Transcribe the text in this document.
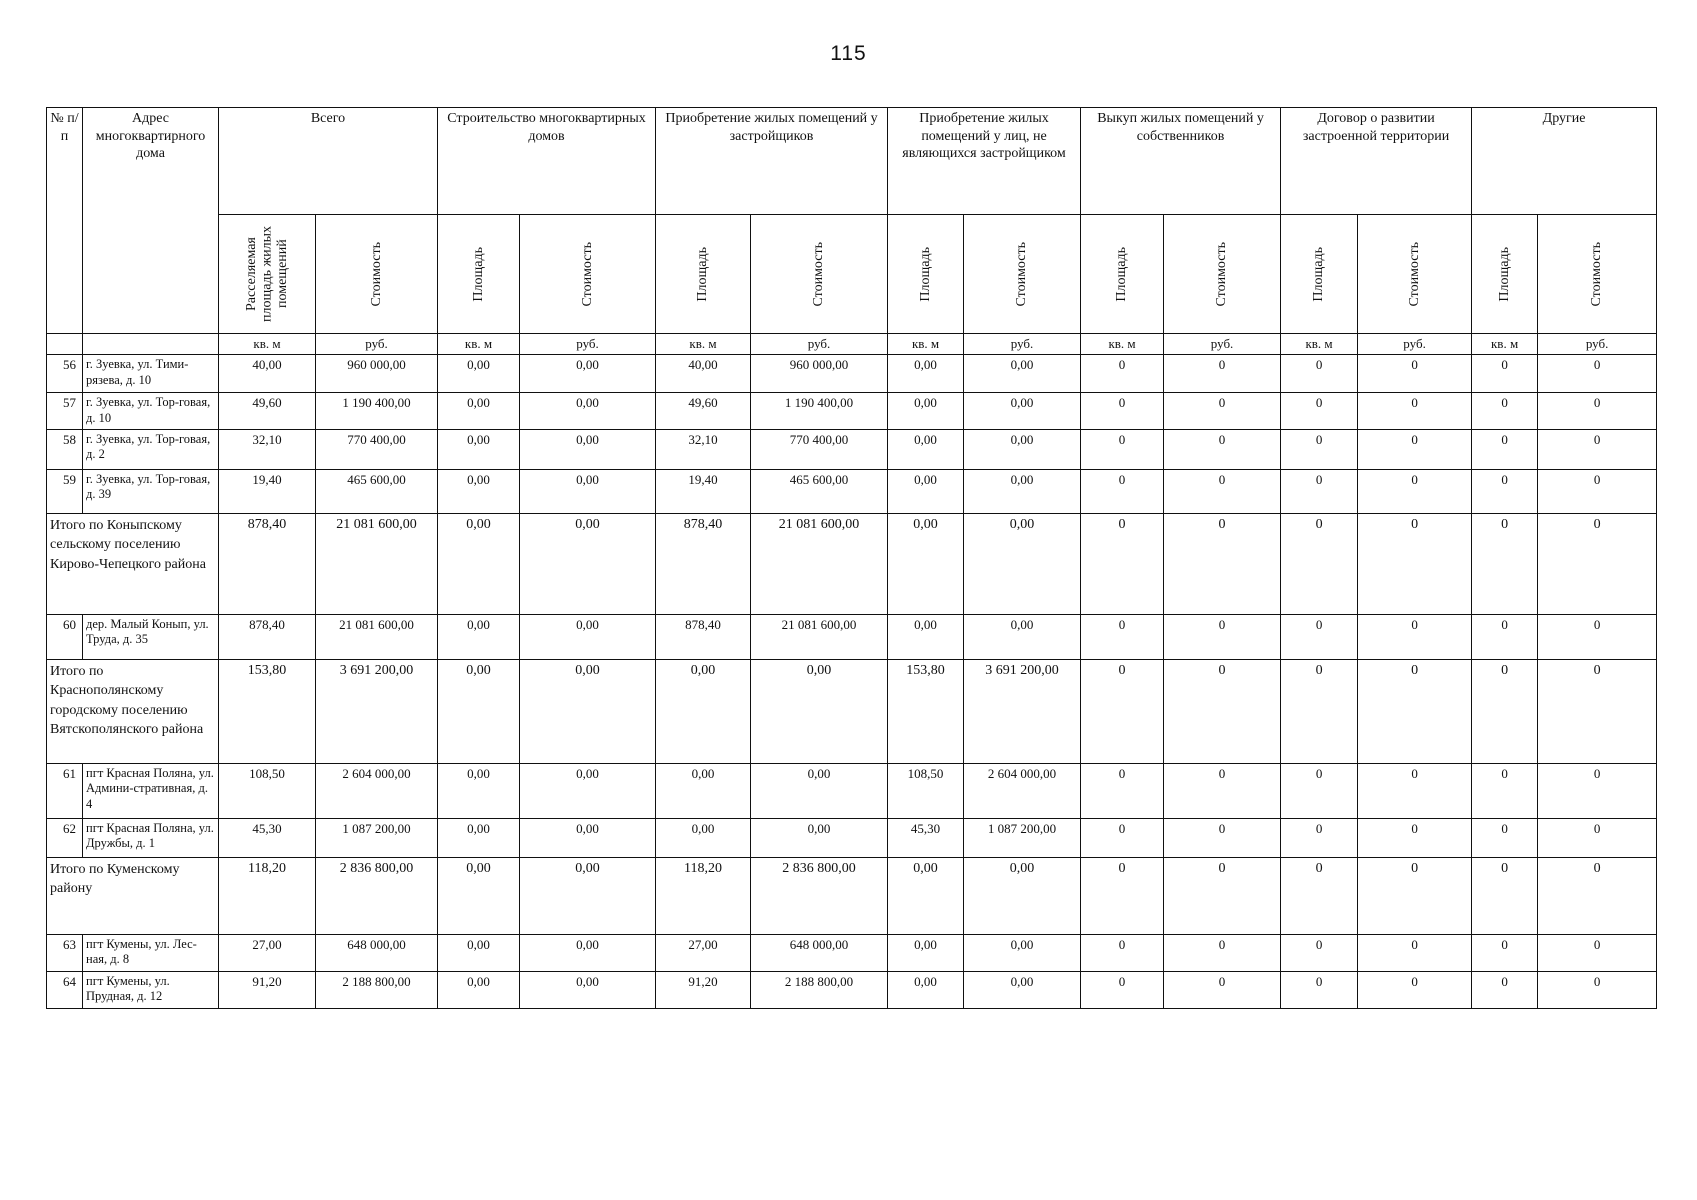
115
№ п/п	Адрес многоквартирного дома	Всего		Строительство многоквартирных домов		Приобретение жилых помещений у застройщиков		Приобретение жилых помещений у лиц, не являющихся застройщиком		Выкуп жилых помещений у собственников		Договор о развитии застроенной территории		Другие	

		Расселяемая площадь жилых помещений	Стоимость	Площадь	Стоимость	Площадь	Стоимость	Площадь	Стоимость	Площадь	Стоимость	Площадь	Стоимость	Площадь	Стоимость

		кв. м	руб.	кв. м	руб.	кв. м	руб.	кв. м	руб.	кв. м	руб.	кв. м	руб.	кв. м	руб.
56	г. Зуевка, ул. Тими-рязева, д. 10	40,00	960 000,00	0,00	0,00	40,00	960 000,00	0,00	0,00	0	0	0	0	0	0
57	г. Зуевка, ул. Тор-говая, д. 10	49,60	1 190 400,00	0,00	0,00	49,60	1 190 400,00	0,00	0,00	0	0	0	0	0	0
58	г. Зуевка, ул. Тор-говая, д. 2	32,10	770 400,00	0,00	0,00	32,10	770 400,00	0,00	0,00	0	0	0	0	0	0
59	г. Зуевка, ул. Тор-говая, д. 39	19,40	465 600,00	0,00	0,00	19,40	465 600,00	0,00	0,00	0	0	0	0	0	0
Итого по Коныпскому сельскому поселению Кирово-Чепецкого района		878,40	21 081 600,00	0,00	0,00	878,40	21 081 600,00	0,00	0,00	0	0	0	0	0	0
60	дер. Малый Конып, ул. Труда, д. 35	878,40	21 081 600,00	0,00	0,00	878,40	21 081 600,00	0,00	0,00	0	0	0	0	0	0
Итого по Краснополянскому городскому поселению Вятскополянского района		153,80	3 691 200,00	0,00	0,00	0,00	0,00	153,80	3 691 200,00	0	0	0	0	0	0
61	пгт Красная Поляна, ул. Админи-стративная, д. 4	108,50	2 604 000,00	0,00	0,00	0,00	0,00	108,50	2 604 000,00	0	0	0	0	0	0
62	пгт Красная Поляна, ул. Дружбы, д. 1	45,30	1 087 200,00	0,00	0,00	0,00	0,00	45,30	1 087 200,00	0	0	0	0	0	0
Итого по Куменскому району		118,20	2 836 800,00	0,00	0,00	118,20	2 836 800,00	0,00	0,00	0	0	0	0	0	0
63	пгт Кумены, ул. Лес-ная, д. 8	27,00	648 000,00	0,00	0,00	27,00	648 000,00	0,00	0,00	0	0	0	0	0	0
64	пгт Кумены, ул. Прудная, д. 12	91,20	2 188 800,00	0,00	0,00	91,20	2 188 800,00	0,00	0,00	0	0	0	0	0	0
